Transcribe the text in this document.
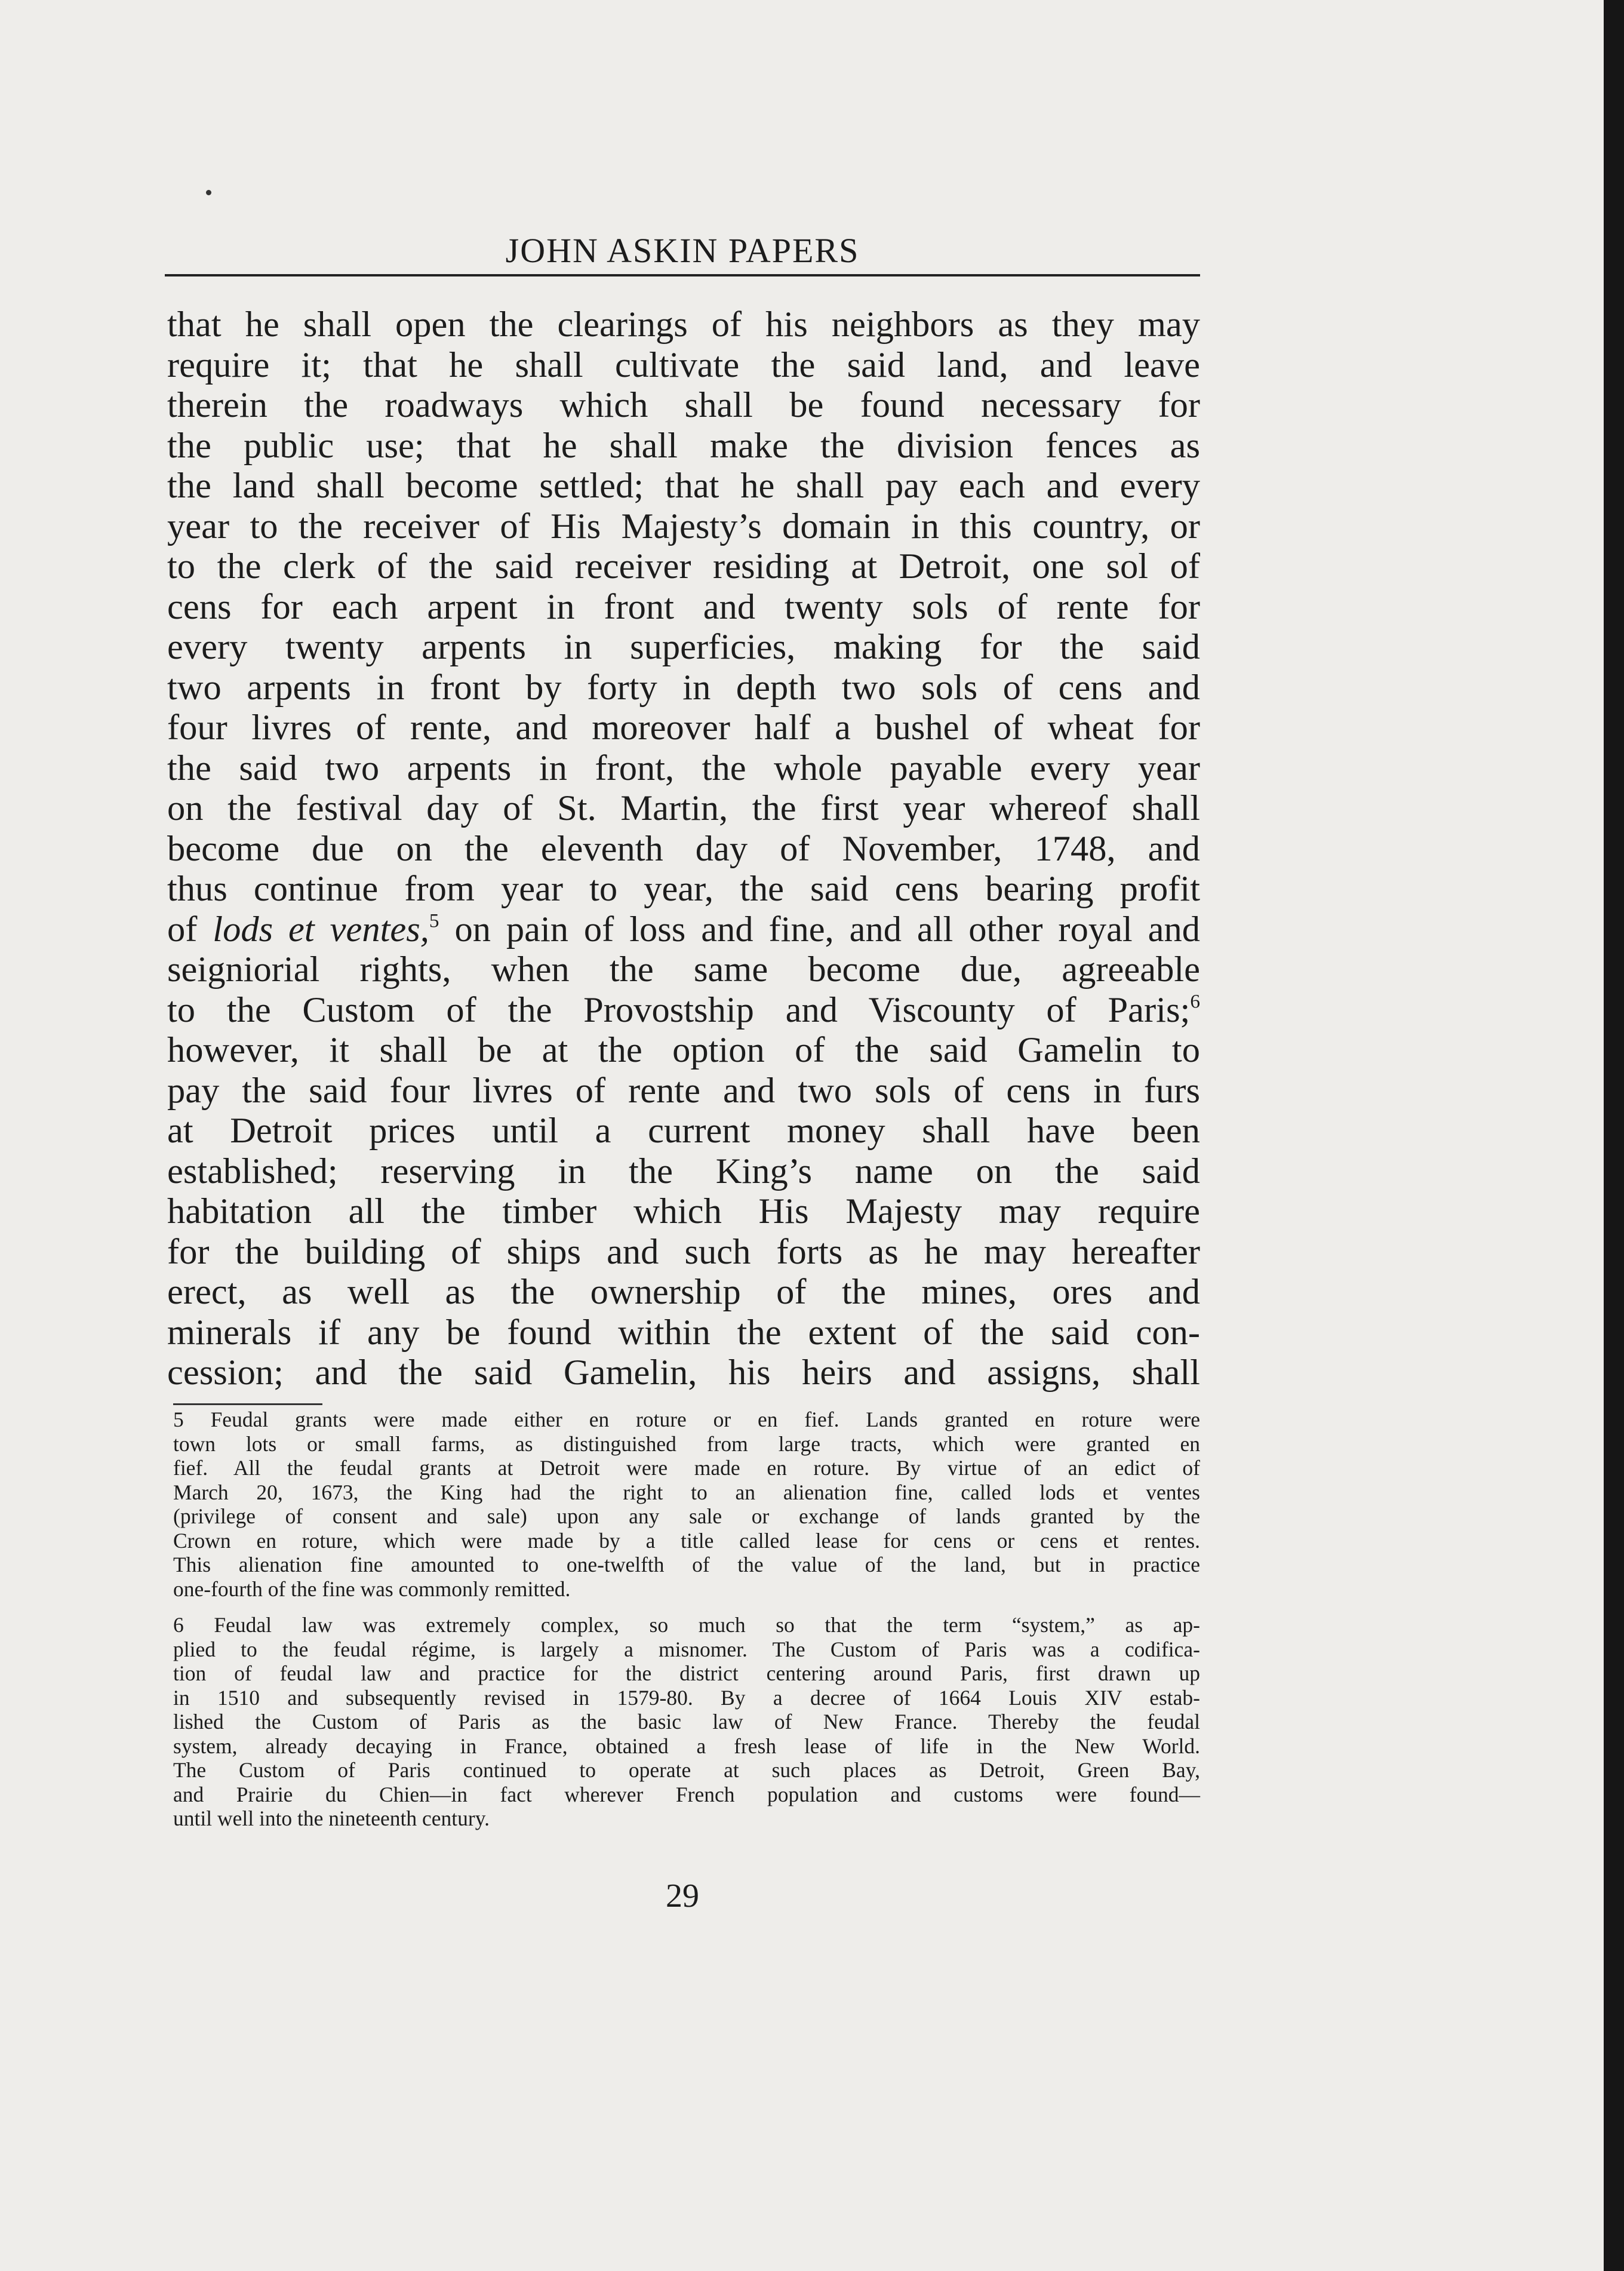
JOHN ASKIN PAPERS
that he shall open the clearings of his neighbors as they may
require it; that he shall cultivate the said land, and leave
therein the roadways which shall be found necessary for
the public use; that he shall make the division fences as
the land shall become settled; that he shall pay each and every
year to the receiver of His Majesty’s domain in this country, or
to the clerk of the said receiver residing at Detroit, one sol of
cens for each arpent in front and twenty sols of rente for
every twenty arpents in superficies, making for the said
two arpents in front by forty in depth two sols of cens and
four livres of rente, and moreover half a bushel of wheat for
the said two arpents in front, the whole payable every year
on the festival day of St. Martin, the first year whereof shall
become due on the eleventh day of November, 1748, and
thus continue from year to year, the said cens bearing profit
of lods et ventes,$^5$ on pain of loss and fine, and all other royal and
seigniorial rights, when the same become due, agreeable
to the Custom of the Provostship and Viscounty of Paris;$^6$
however, it shall be at the option of the said Gamelin to
pay the said four livres of rente and two sols of cens in furs
at Detroit prices until a current money shall have been
established; reserving in the King’s name on the said
habitation all the timber which His Majesty may require
for the building of ships and such forts as he may hereafter
erect, as well as the ownership of the mines, ores and
minerals if any be found within the extent of the said con-
cession; and the said Gamelin, his heirs and assigns, shall
5 Feudal grants were made either en roture or en fief. Lands granted en roture were
town lots or small farms, as distinguished from large tracts, which were granted en
fief. All the feudal grants at Detroit were made en roture. By virtue of an edict of
March 20, 1673, the King had the right to an alienation fine, called lods et ventes
(privilege of consent and sale) upon any sale or exchange of lands granted by the
Crown en roture, which were made by a title called lease for cens or cens et rentes.
This alienation fine amounted to one-twelfth of the value of the land, but in practice
one-fourth of the fine was commonly remitted.
6 Feudal law was extremely complex, so much so that the term “system,” as ap-
plied to the feudal régime, is largely a misnomer. The Custom of Paris was a codifica-
tion of feudal law and practice for the district centering around Paris, first drawn up
in 1510 and subsequently revised in 1579-80. By a decree of 1664 Louis XIV estab-
lished the Custom of Paris as the basic law of New France. Thereby the feudal
system, already decaying in France, obtained a fresh lease of life in the New World.
The Custom of Paris continued to operate at such places as Detroit, Green Bay,
and Prairie du Chien—in fact wherever French population and customs were found—
until well into the nineteenth century.
29
